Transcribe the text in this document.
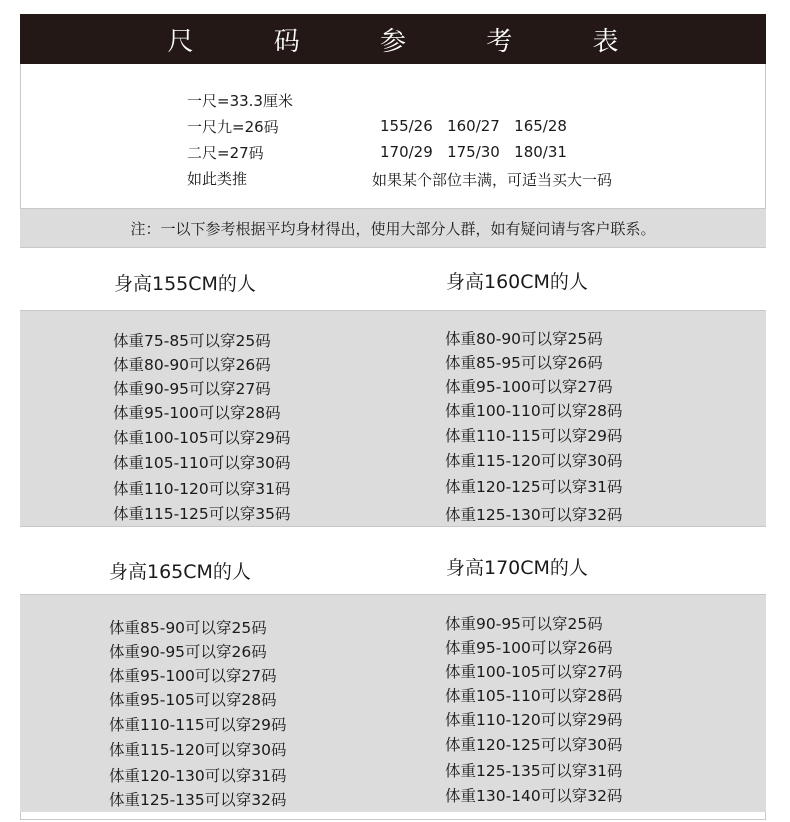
尺 码 参 考 表
一尺=33.3厘米
一尺九=26码
二尺=27码
如此类推
155/26   160/27   165/28
170/29   175/30   180/31
如果某个部位丰满，可适当买大一码
注：一以下参考根据平均身材得出，使用大部分人群，如有疑问请与客户联系。
身高155CM的人	身高160CM的人
体重75-85可以穿25码
体重80-90可以穿26码
体重90-95可以穿27码
体重95-100可以穿28码
体重100-105可以穿29码
体重105-110可以穿30码
体重110-120可以穿31码
体重115-125可以穿35码
体重80-90可以穿25码
体重85-95可以穿26码
体重95-100可以穿27码
体重100-110可以穿28码
体重110-115可以穿29码
体重115-120可以穿30码
体重120-125可以穿31码
体重125-130可以穿32码
身高165CM的人	身高170CM的人
体重85-90可以穿25码
体重90-95可以穿26码
体重95-100可以穿27码
体重95-105可以穿28码
体重110-115可以穿29码
体重115-120可以穿30码
体重120-130可以穿31码
体重125-135可以穿32码
体重90-95可以穿25码
体重95-100可以穿26码
体重100-105可以穿27码
体重105-110可以穿28码
体重110-120可以穿29码
体重120-125可以穿30码
体重125-135可以穿31码
体重130-140可以穿32码
